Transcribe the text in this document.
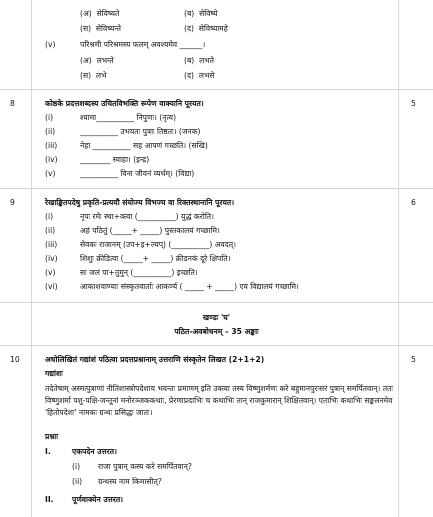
(अ) सेविष्यते	(ब) सेविष्ये
(स) सेविष्यन्ते	(द) सेविष्यामहे
(v)	परिश्रमी परिश्रमस्य फलम् अवश्यमेव ______।
(अ) लभन्ते	(ब) लभते
(स) लभे	(द) लभसे
8	कोष्ठके प्रदत्तशब्दस्य उचितविभक्ति रूपेण वाक्यानि पूरयत।	5
(i)	श्यामा__________ निपुणः। (नृत्य)
(ii)	__________ उभयतः पुत्राः तिष्ठतः। (जनक)
(iii)	नेहा __________ सह आपणं गच्छति। (सखि)
(iv)	________ स्वाहा। (इन्द्र)
(v)	__________ विना जीवनं व्यर्थम्। (विद्या)
9	रेखाङ्कितपदेषु प्रकृति-प्रत्ययौ संयोज्य विभज्य वा रिक्तस्थानानि पूरयत।	6
(i)	नृपः रमेः स्था+क्त्वा (__________) युद्धं करोति।
(ii)	अहं पठितुं (_____+ _____) पुस्तकालयं गच्छामि।
(iii)	सेवकः राजानम् (उप+इ+ल्यप्) (__________) अवदत्।
(iv)	शिशुः क्रीडित्वा (_____+ _____) क्रीडनकं दूरे क्षिपति।
(v)	सः जलं पा+तुमुन् (__________) इच्छति।
(vi)	आकाशवाण्याः संस्कृतवार्ताः आकर्ण्य ( _____ + _____) एव विद्यालयं गच्छामि।
खण्डः 'घ'
पठित-अवबोधनम् – 35 अङ्काः
10	अधोलिखितं गद्यांशं पठित्वा प्रदत्तप्रश्नानाम् उत्तराणि संस्कृतेन लिखत (2+1+2)	5
गद्यांशः
तदेतेषाम् अस्मत्पुत्राणां नीतिशास्त्रोपदेशाय भवन्तः प्रमाणम् इति उक्त्वा तस्य विष्णुशर्मणः करे बहुमानपुरःसरं पुत्रान् समर्पितवान्। ततः विष्णुशर्मा पशु-पक्षि-जन्तूनां मनोरञ्जककथाः, प्रेरणाप्रदाभिः च कथाभिः तान् राजकुमारान् शिक्षितवान्। एताभिः कथाभिः सङ्कलनमेव 'हितोपदेशः' नामकः ग्रन्थः प्रसिद्धः जातः।
प्रश्नाः
I.	एकपदेन उत्तरत।
(i) राजा पुत्रान् कस्य करे समर्पितवान्?
(ii) ग्रन्थस्य नाम किमासीत्?
II. पूर्णवाक्येन उत्तरत।
